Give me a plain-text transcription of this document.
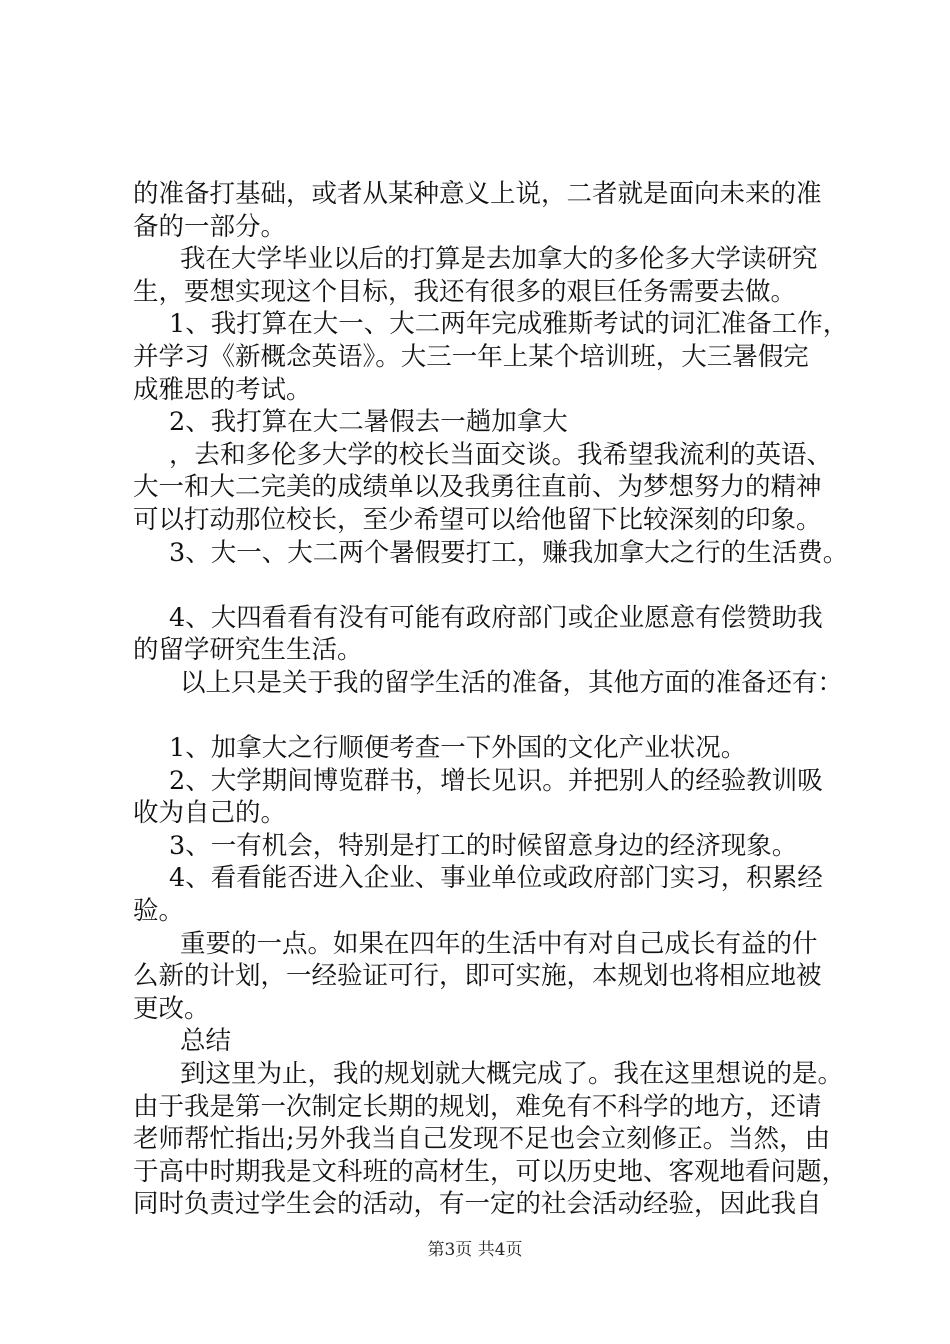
的准备打基础，或者从某种意义上说，二者就是面向未来的准
备的一部分。
我在大学毕业以后的打算是去加拿大的多伦多大学读研究
生，要想实现这个目标，我还有很多的艰巨任务需要去做。
1、我打算在大一、大二两年完成雅斯考试的词汇准备工作，
并学习《新概念英语》。大三一年上某个培训班，大三暑假完
成雅思的考试。
2、我打算在大二暑假去一趟加拿大
，去和多伦多大学的校长当面交谈。我希望我流利的英语、
大一和大二完美的成绩单以及我勇往直前、为梦想努力的精神
可以打动那位校长，至少希望可以给他留下比较深刻的印象。
3、大一、大二两个暑假要打工，赚我加拿大之行的生活费。
4、大四看看有没有可能有政府部门或企业愿意有偿赞助我
的留学研究生生活。
以上只是关于我的留学生活的准备，其他方面的准备还有：
1、加拿大之行顺便考查一下外国的文化产业状况。
2、大学期间博览群书，增长见识。并把别人的经验教训吸
收为自己的。
3、一有机会，特别是打工的时候留意身边的经济现象。
4、看看能否进入企业、事业单位或政府部门实习，积累经
验。
重要的一点。如果在四年的生活中有对自己成长有益的什
么新的计划，一经验证可行，即可实施，本规划也将相应地被
更改。
总结
到这里为止，我的规划就大概完成了。我在这里想说的是。
由于我是第一次制定长期的规划，难免有不科学的地方，还请
老师帮忙指出;另外我当自己发现不足也会立刻修正。当然，由
于高中时期我是文科班的高材生，可以历史地、客观地看问题，
同时负责过学生会的活动，有一定的社会活动经验，因此我自
第3页 共4页
